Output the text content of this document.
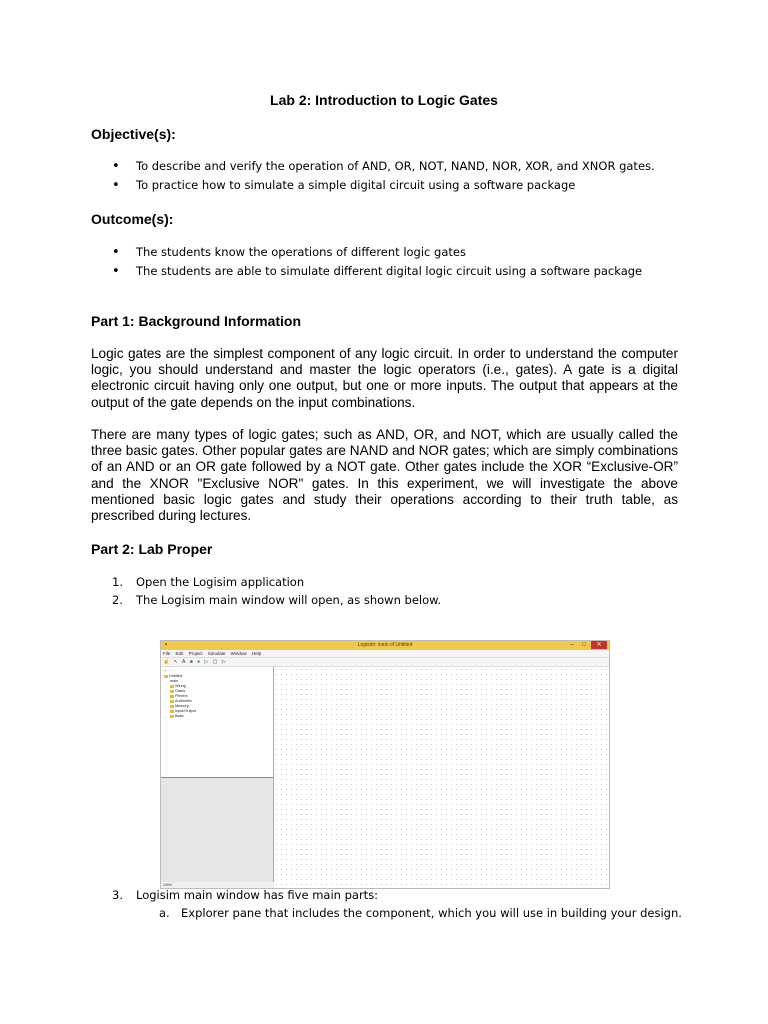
Lab 2: Introduction to Logic Gates
Objective(s):
• To describe and verify the operation of AND, OR, NOT, NAND, NOR, XOR, and XNOR gates.
• To practice how to simulate a simple digital circuit using a software package
Outcome(s):
• The students know the operations of different logic gates
• The students are able to simulate different digital logic circuit using a software package
Part 1: Background Information
Logic gates are the simplest component of any logic circuit. In order to understand the computer logic, you should understand and master the logic operators (i.e., gates). A gate is a digital electronic circuit having only one output, but one or more inputs. The output that appears at the output of the gate depends on the input combinations.
There are many types of logic gates; such as AND, OR, and NOT, which are usually called the three basic gates. Other popular gates are NAND and NOR gates; which are simply combinations of an AND or an OR gate followed by a NOT gate. Other gates include the XOR “Exclusive-OR” and the XNOR "Exclusive NOR" gates. In this experiment, we will investigate the above mentioned basic logic gates and study their operations according to their truth table, as prescribed during lectures.
Part 2: Lab Proper
1. Open the Logisim application
2. The Logisim main window will open, as shown below.
▪	Logisim: main of Untitled	– □	✕
File Edit Project Simulate Window Help
☝ ↖ A ■ ● ▷ ▢ ▷
+ − ↑ ↓
Untitled
main
Wiring
Gates
Plexers
Arithmetic
Memory
Input/Output
Base
100%
3. Logisim main window has five main parts:
a. Explorer pane that includes the component, which you will use in building your design.
